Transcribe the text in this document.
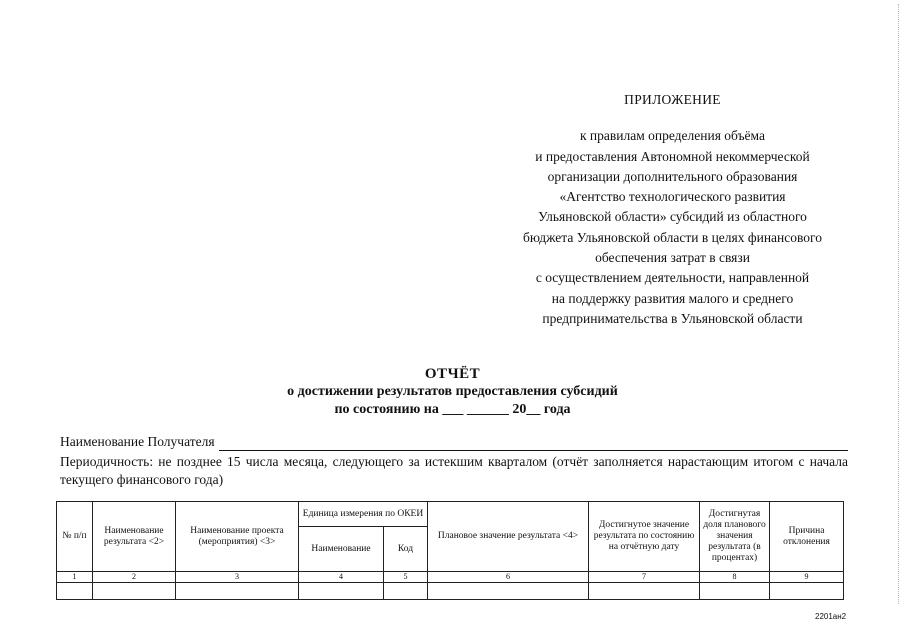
ПРИЛОЖЕНИЕ
к правилам определения объёма
и предоставления Автономной некоммерческой
организации дополнительного образования
«Агентство технологического развития
Ульяновской области» субсидий из областного
бюджета Ульяновской области в целях финансового
обеспечения затрат в связи
с осуществлением деятельности, направленной
на поддержку развития малого и среднего
предпринимательства в Ульяновской области
ОТЧЁТ
о достижении результатов предоставления субсидий
по состоянию на ___ ______ 20__ года
Наименование Получателя
Периодичность: не позднее 15 числа месяца, следующего за истекшим кварталом (отчёт заполняется нарастающим итогом с начала текущего финансового года)
№ п/п	Наименование результата <2>	Наименование проекта (мероприятия) <3>	Единица измерения по ОКЕИ		Плановое значение результата <4>	Достигнутое значение результата по состоянию на отчётную дату	Достигнутая доля планового значения результата (в процентах)	Причина отклонения
			Наименование	Код				
1	2	3	4	5	6	7	8	9

2201ан2
